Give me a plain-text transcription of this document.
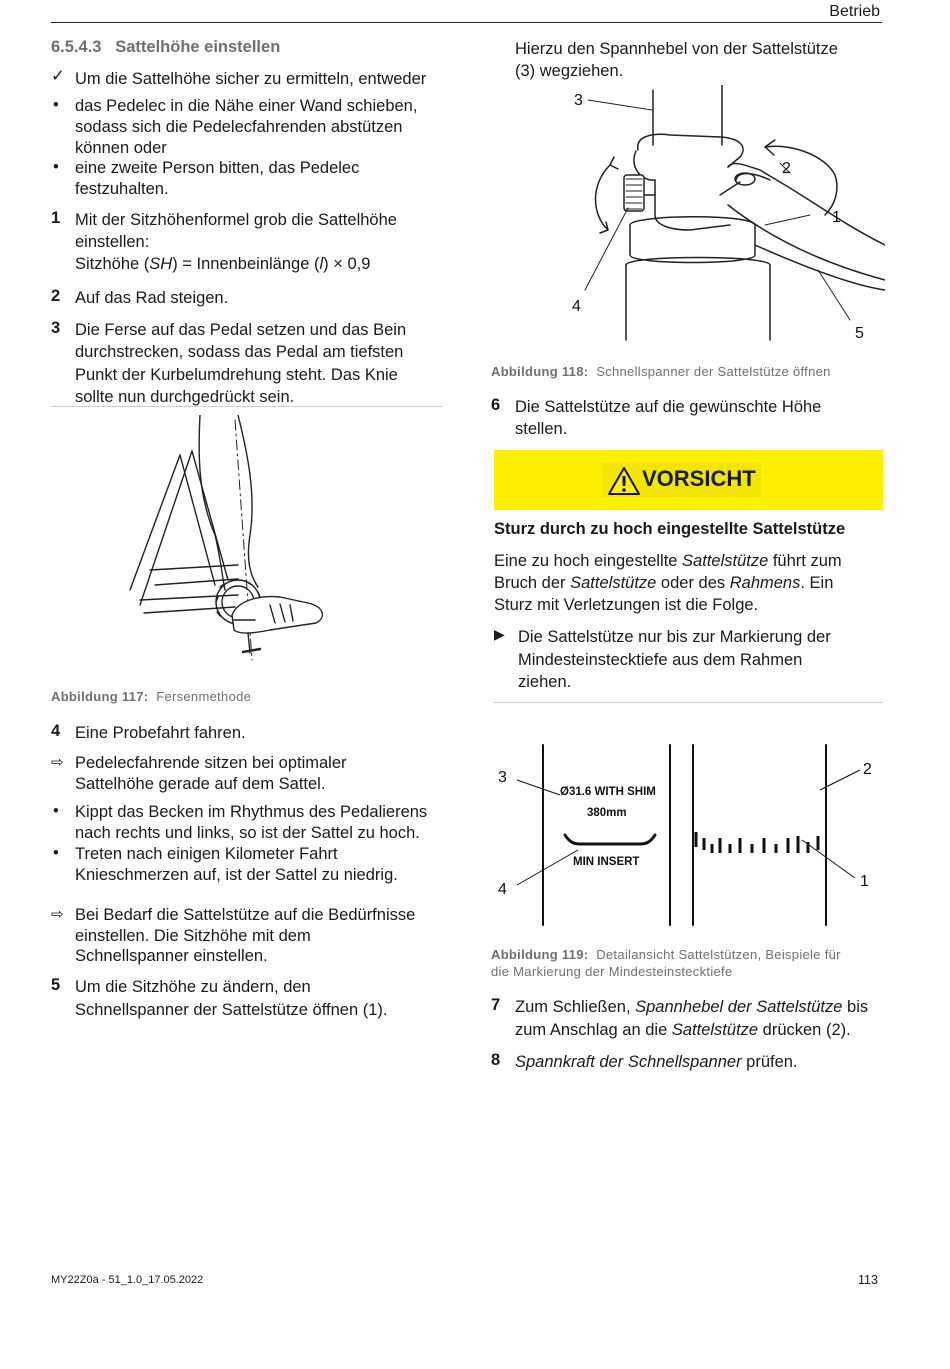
Betrieb
6.5.4.3 Sattelhöhe einstellen
✓ Um die Sattelhöhe sicher zu ermitteln, entweder
• das Pedelec in die Nähe einer Wand schieben,
sodass sich die Pedelecfahrenden abstützen
können oder
• eine zweite Person bitten, das Pedelec
festzuhalten.
1 Mit der Sitzhöhenformel grob die Sattelhöhe
einstellen:
Sitzhöhe (SH) = Innenbeinlänge (l) × 0,9
2 Auf das Rad steigen.
3 Die Ferse auf das Pedal setzen und das Bein
durchstrecken, sodass das Pedal am tiefsten
Punkt der Kurbelumdrehung steht. Das Knie
sollte nun durchgedrückt sein.
Abbildung 117: Fersenmethode
4 Eine Probefahrt fahren.
⇨ Pedelecfahrende sitzen bei optimaler
Sattelhöhe gerade auf dem Sattel.
• Kippt das Becken im Rhythmus des Pedalierens
nach rechts und links, so ist der Sattel zu hoch.
• Treten nach einigen Kilometer Fahrt
Knieschmerzen auf, ist der Sattel zu niedrig.
⇨ Bei Bedarf die Sattelstütze auf die Bedürfnisse
einstellen. Die Sitzhöhe mit dem
Schnellspanner einstellen.
5 Um die Sitzhöhe zu ändern, den
Schnellspanner der Sattelstütze öffnen (1).
Hierzu den Spannhebel von der Sattelstütze
(3) wegziehen.
3
2
1
4
5
Abbildung 118: Schnellspanner der Sattelstütze öffnen
6 Die Sattelstütze auf die gewünschte Höhe
stellen.
VORSICHT
Sturz durch zu hoch eingestellte Sattelstütze
Eine zu hoch eingestellte Sattelstütze führt zum
Bruch der Sattelstütze oder des Rahmens. Ein
Sturz mit Verletzungen ist die Folge.
▶ Die Sattelstütze nur bis zur Markierung der
Mindesteinstecktiefe aus dem Rahmen
ziehen.
Ø31.6 WITH SHIM
380mm
MIN INSERT
3
4
2
1
Abbildung 119: Detailansicht Sattelstützen, Beispiele für
die Markierung der Mindesteinstecktiefe
7 Zum Schließen, Spannhebel der Sattelstütze bis
zum Anschlag an die Sattelstütze drücken (2).
8 Spannkraft der Schnellspanner prüfen.
MY22Z0a - 51_1.0_17.05.2022	113
